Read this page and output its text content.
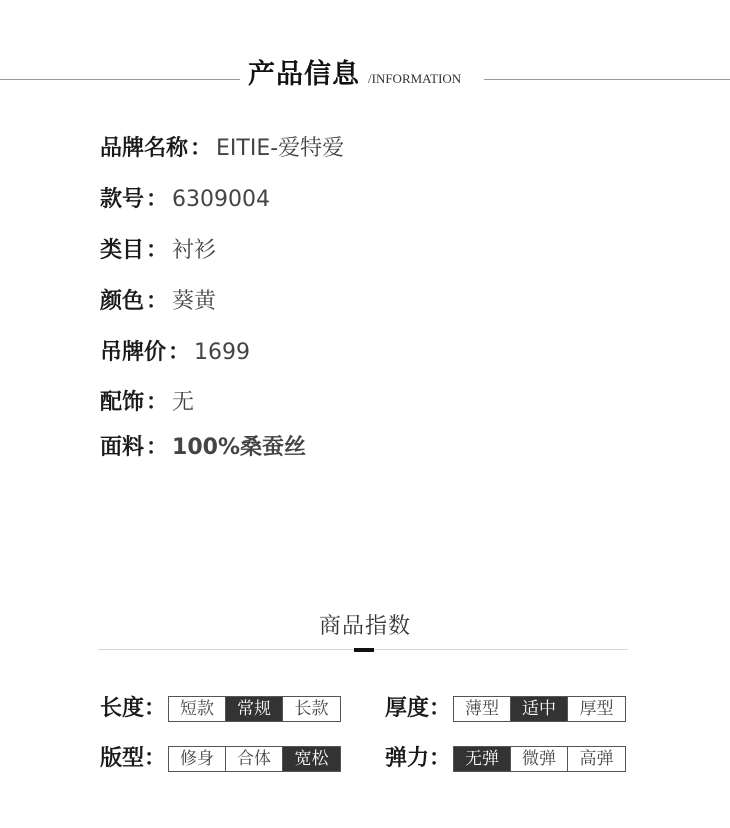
产品信息 /INFORMATION
品牌名称： EITIE-爱特爱
款号： 6309004
类目： 衬衫
颜色： 葵黄
吊牌价： 1699
配饰： 无
面料： 100%桑蚕丝
商品指数
长度： 短款	常规	长款	厚度： 薄型	适中	厚型
版型： 修身	合体	宽松	弹力： 无弹	微弹	高弹
